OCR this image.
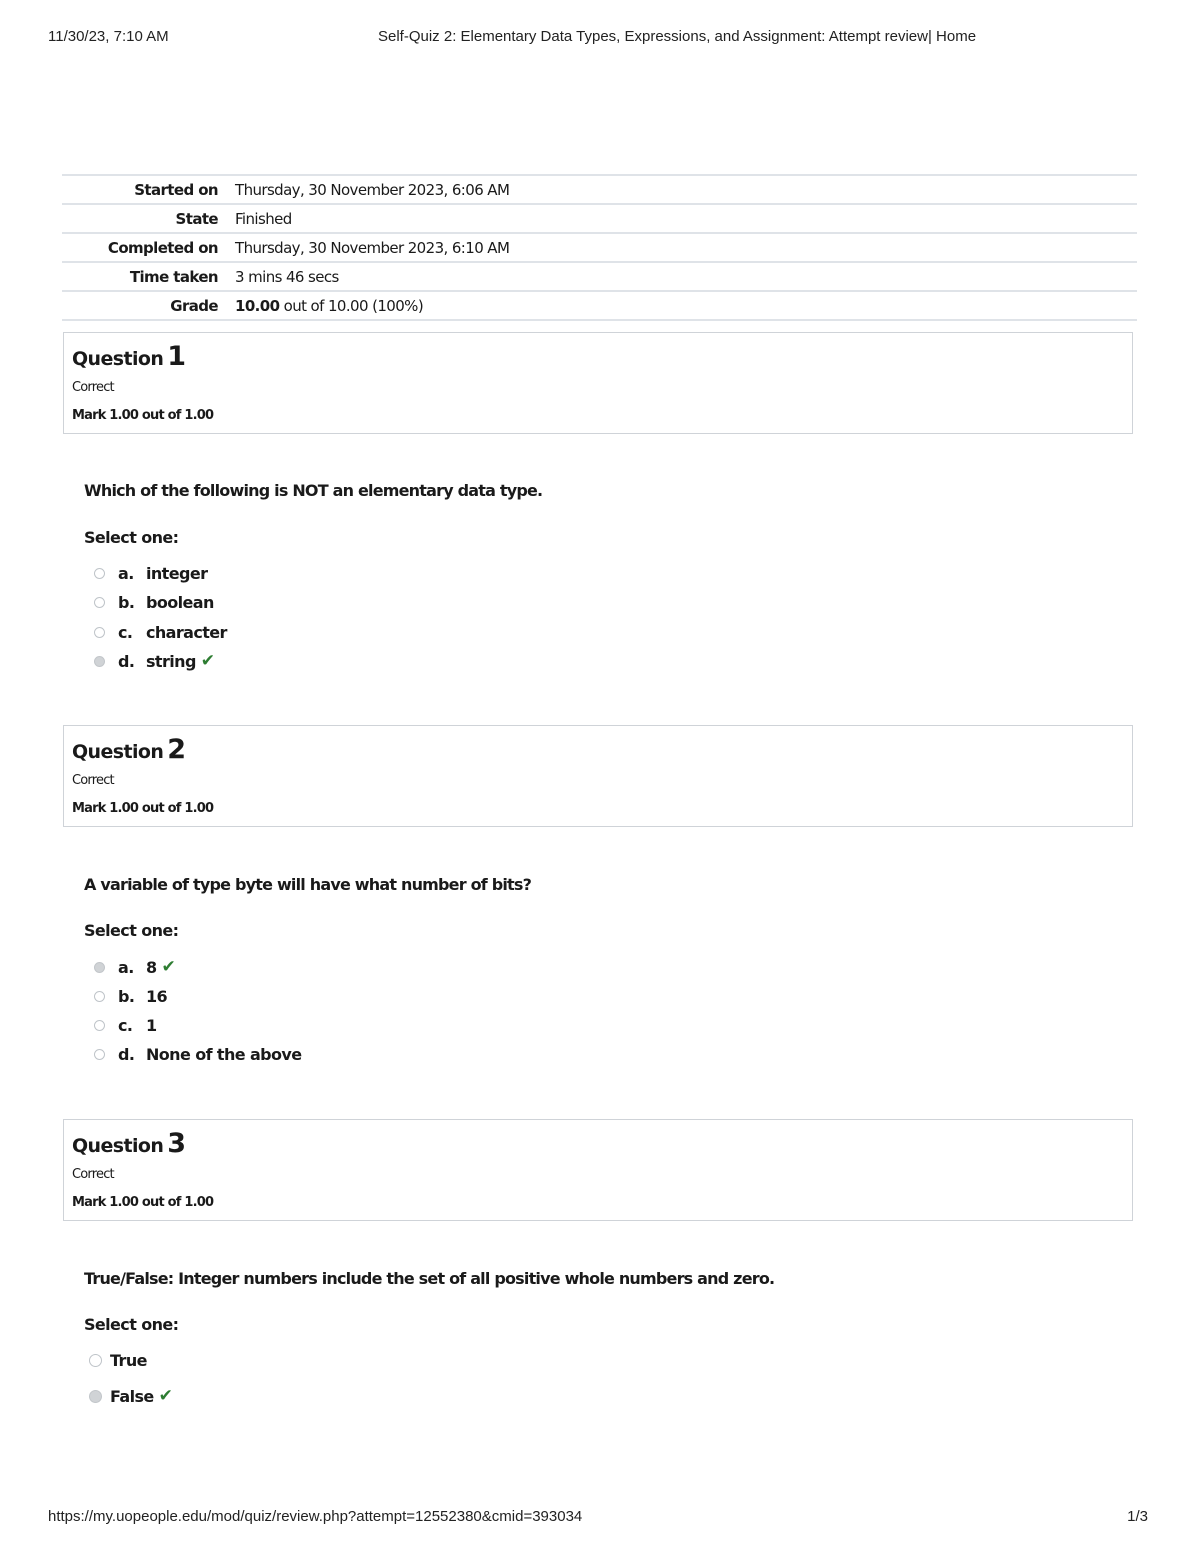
11/30/23, 7:10 AM	Self-Quiz 2: Elementary Data Types, Expressions, and Assignment: Attempt review| Home
Started on Thursday, 30 November 2023, 6:06 AM
State Finished
Completed on Thursday, 30 November 2023, 6:10 AM
Time taken 3 mins 46 secs
Grade 10.00 out of 10.00 (100%)
Question 1
Correct
Mark 1.00 out of 1.00
Which of the following is NOT an elementary data type.
Select one:
a. integer
b. boolean
c. character
d. string ✔
Question 2
Correct
Mark 1.00 out of 1.00
A variable of type byte will have what number of bits?
Select one:
a. 8 ✔
b. 16
c. 1
d. None of the above
Question 3
Correct
Mark 1.00 out of 1.00
True/False: Integer numbers include the set of all positive whole numbers and zero.
Select one:
True
False ✔
https://my.uopeople.edu/mod/quiz/review.php?attempt=12552380&cmid=393034	1/3
